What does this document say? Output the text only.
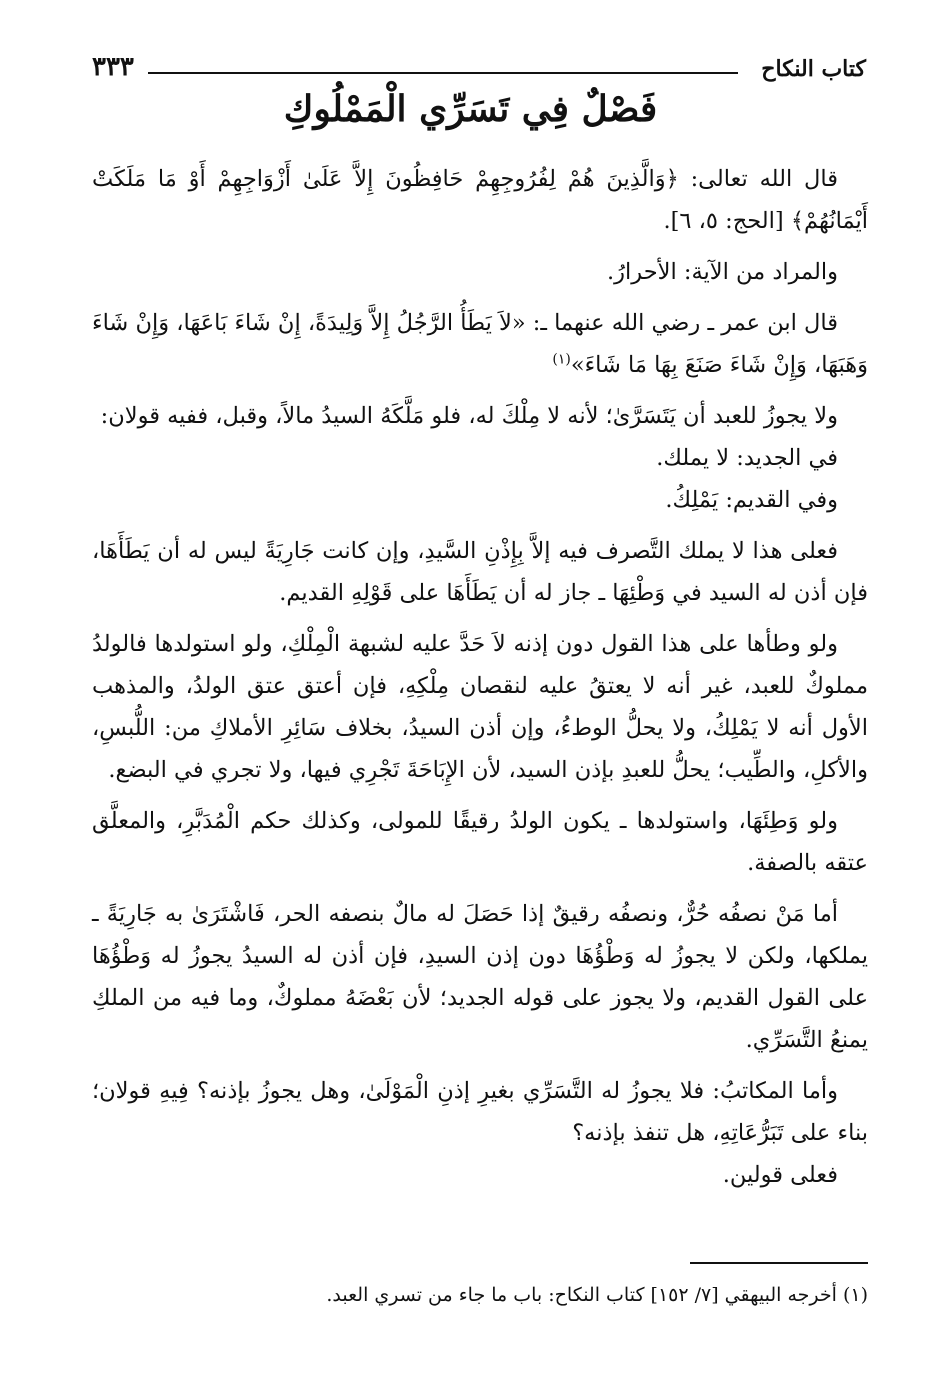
كتاب النكاح
٣٣٣
فَصْلٌ فِي تَسَرِّي الْمَمْلُوكِ

قال الله تعالى: ﴿وَالَّذِينَ هُمْ لِفُرُوجِهِمْ حَافِظُونَ إِلاَّ عَلَىٰ أَزْوَاجِهِمْ أَوْ مَا مَلَكَتْ أَيْمَانُهُمْ﴾ [الحج: ٥، ٦].

والمراد من الآية: الأحرارُ.

قال ابن عمر ـ رضي الله عنهما ـ: «لاَ يَطَأُ الرَّجُلُ إِلاَّ وَلِيدَةً، إِنْ شَاءَ بَاعَهَا، وَإِنْ شَاءَ وَهَبَهَا، وَإِنْ شَاءَ صَنَعَ بِهَا مَا شَاءَ»$^{(١)}$

ولا يجوزُ للعبد أن يَتَسَرَّىٰ؛ لأنه لا مِلْكَ له، فلو مَلَّكَهُ السيدُ مالاً، وقبل، ففيه قولان:

في الجديد: لا يملك.

وفي القديم: يَمْلِكُ.

فعلى هذا لا يملك التَّصرف فيه إلاَّ بِإِذْنِ السَّيدِ، وإن كانت جَارِيَةً ليس له أن يَطَأَهَا، فإن أذن له السيد في وَطْئِهَا ـ جاز له أن يَطَأَهَا على قَوْلِهِ القديم.

ولو وطأها على هذا القول دون إذنه لاَ حَدَّ عليه لشبهة الْمِلْكِ، ولو استولدها فالولدُ مملوكٌ للعبد، غير أنه لا يعتقُ عليه لنقصان مِلْكِهِ، فإن أعتق عتق الولدُ، والمذهب الأول أنه لا يَمْلِكُ، ولا يحلُّ الوطءُ، وإن أذن السيدُ، بخلاف سَائِرِ الأملاكِ من: اللُّبسِ، والأكلِ، والطِّيب؛ يحلُّ للعبدِ بإذن السيد، لأن الإِبَاحَةَ تَجْرِي فيها، ولا تجري في البضع.

ولو وَطِئَهَا، واستولدها ـ يكون الولدُ رقيقًا للمولى، وكذلك حكم الْمُدَبَّرِ، والمعلَّق عتقه بالصفة.

أما مَنْ نصفُه حُرٌّ، ونصفُه رقيقٌ إذا حَصَلَ له مالٌ بنصفه الحر، فَاشْتَرَىٰ به جَارِيَةً ـ يملكها، ولكن لا يجوزُ له وَطْؤُهَا دون إذن السيدِ، فإن أذن له السيدُ يجوزُ له وَطْؤُهَا على القول القديم، ولا يجوز على قوله الجديد؛ لأن بَعْضَهُ مملوكٌ، وما فيه من الملكِ يمنعُ التَّسَرِّي.

وأما المكاتبُ: فلا يجوزُ له التَّسَرِّي بغيرِ إذنِ الْمَوْلَىٰ، وهل يجوزُ بإذنه؟ فِيهِ قولان؛ بناء على تَبَرُّعَاتِهِ، هل تنفذ بإذنه؟

فعلى قولين.

(١) أخرجه البيهقي [٧/ ١٥٢] كتاب النكاح: باب ما جاء من تسري العبد.
